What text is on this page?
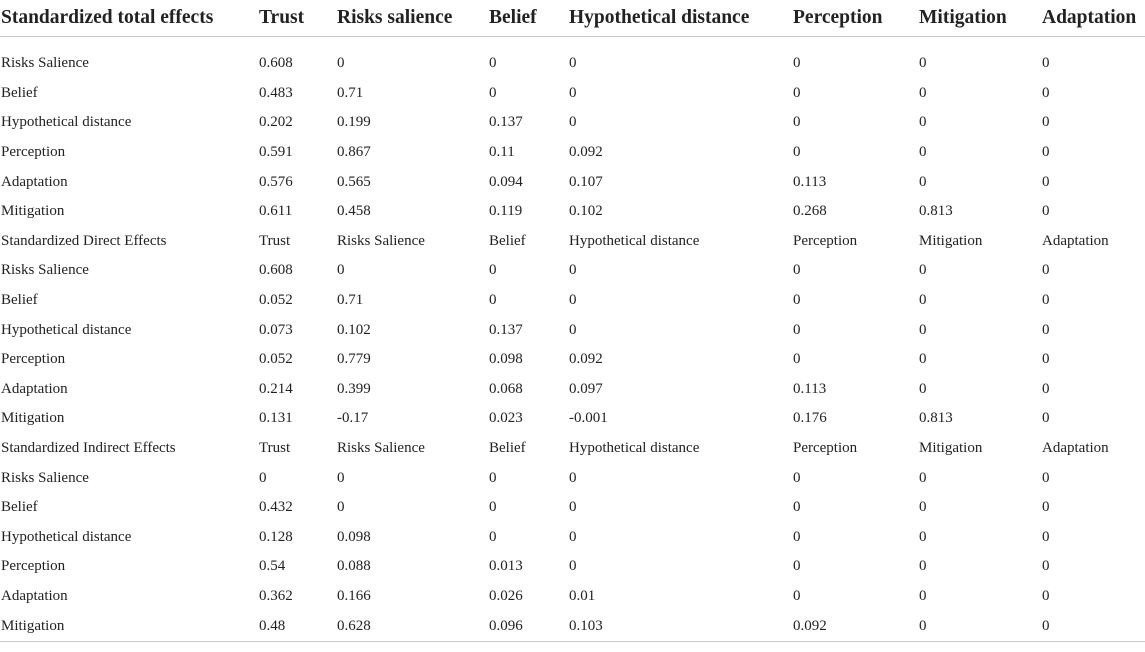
Standardized total effects	Trust	Risks salience	Belief	Hypothetical distance	Perception	Mitigation	Adaptation

Risks Salience	0.608	0	0	0	0	0	0
Belief	0.483	0.71	0	0	0	0	0
Hypothetical distance	0.202	0.199	0.137	0	0	0	0
Perception	0.591	0.867	0.11	0.092	0	0	0
Adaptation	0.576	0.565	0.094	0.107	0.113	0	0
Mitigation	0.611	0.458	0.119	0.102	0.268	0.813	0
Standardized Direct Effects	Trust	Risks Salience	Belief	Hypothetical distance	Perception	Mitigation	Adaptation
Risks Salience	0.608	0	0	0	0	0	0
Belief	0.052	0.71	0	0	0	0	0
Hypothetical distance	0.073	0.102	0.137	0	0	0	0
Perception	0.052	0.779	0.098	0.092	0	0	0
Adaptation	0.214	0.399	0.068	0.097	0.113	0	0
Mitigation	0.131	-0.17	0.023	-0.001	0.176	0.813	0
Standardized Indirect Effects	Trust	Risks Salience	Belief	Hypothetical distance	Perception	Mitigation	Adaptation
Risks Salience	0	0	0	0	0	0	0
Belief	0.432	0	0	0	0	0	0
Hypothetical distance	0.128	0.098	0	0	0	0	0
Perception	0.54	0.088	0.013	0	0	0	0
Adaptation	0.362	0.166	0.026	0.01	0	0	0
Mitigation	0.48	0.628	0.096	0.103	0.092	0	0
